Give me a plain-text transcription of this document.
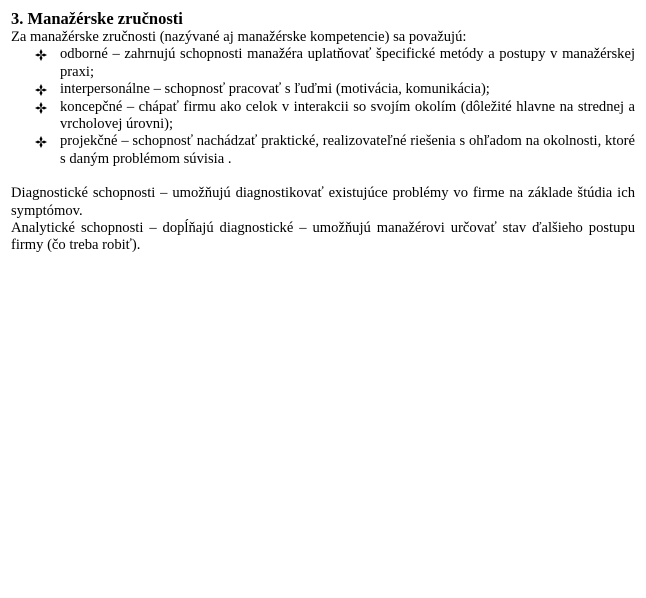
3. Manažérske zručnosti
Za manažérske zručnosti (nazývané aj manažérske kompetencie) sa považujú:
odborné – zahrnujú schopnosti manažéra uplatňovať špecifické metódy a postupy v manažérskej praxi;
interpersonálne – schopnosť pracovať s ľuďmi (motivácia, komunikácia);
koncepčné – chápať firmu ako celok v interakcii so svojím okolím (dôležité hlavne na strednej a vrcholovej úrovni);
projekčné – schopnosť nachádzať praktické, realizovateľné riešenia s ohľadom na okolnosti, ktoré s daným problémom súvisia .

Diagnostické schopnosti – umožňujú diagnostikovať existujúce problémy vo firme na základe štúdia ich symptómov.

Analytické schopnosti – dopĺňajú diagnostické – umožňujú manažérovi určovať stav ďalšieho postupu firmy (čo treba robiť).
